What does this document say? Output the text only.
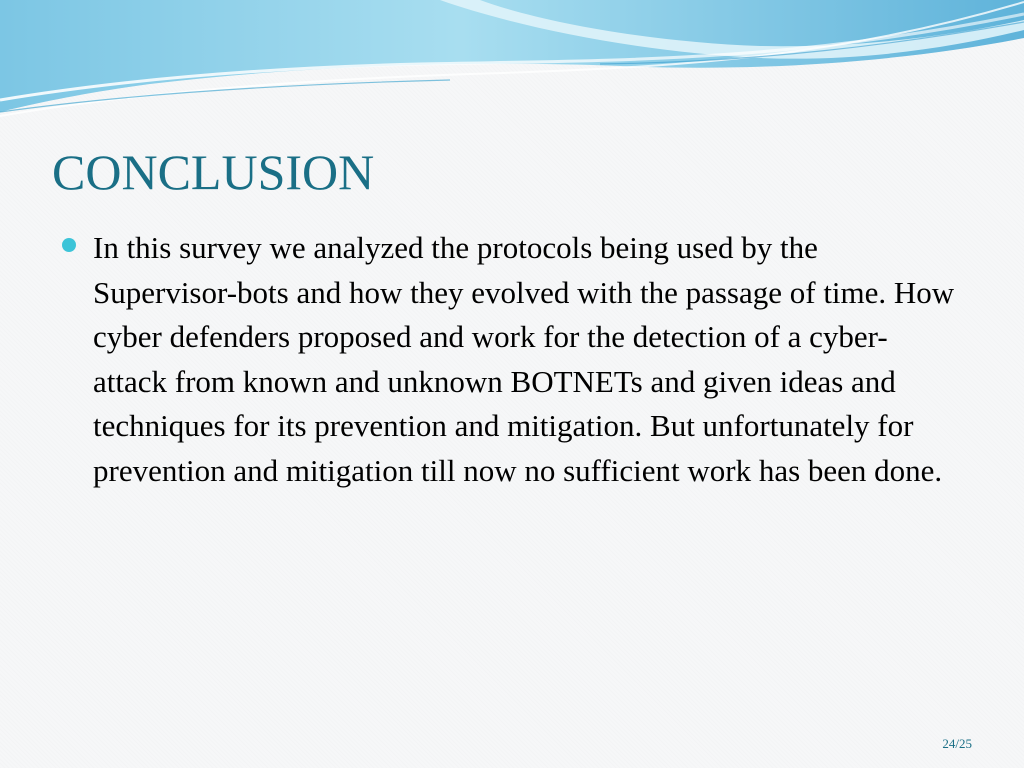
CONCLUSION
In this survey we analyzed the protocols being used by the Supervisor-bots and how they evolved with the passage of time. How cyber defenders proposed and work for the detection of a cyber-attack from known and unknown BOTNETs and given ideas and techniques for its prevention and mitigation. But unfortunately for prevention and mitigation till now no sufficient work has been done.
24/25
